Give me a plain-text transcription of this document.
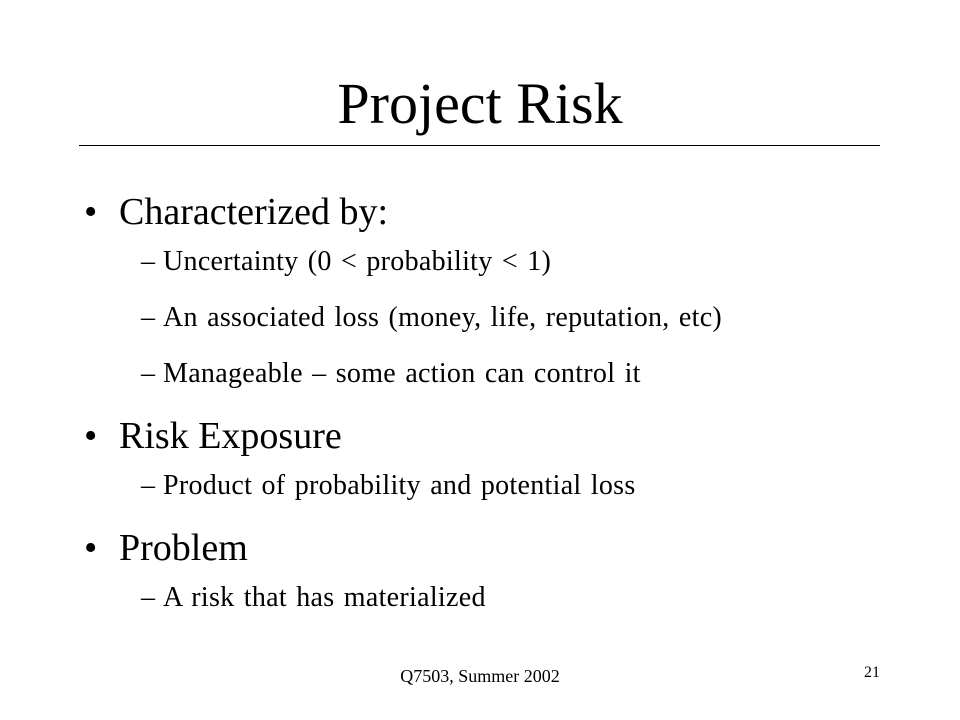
Project Risk
• Characterized by:
– Uncertainty (0 < probability < 1)
– An associated loss (money, life, reputation, etc)
– Manageable – some action can control it
• Risk Exposure
– Product of probability and potential loss
• Problem
– A risk that has materialized
Q7503, Summer 2002	21
